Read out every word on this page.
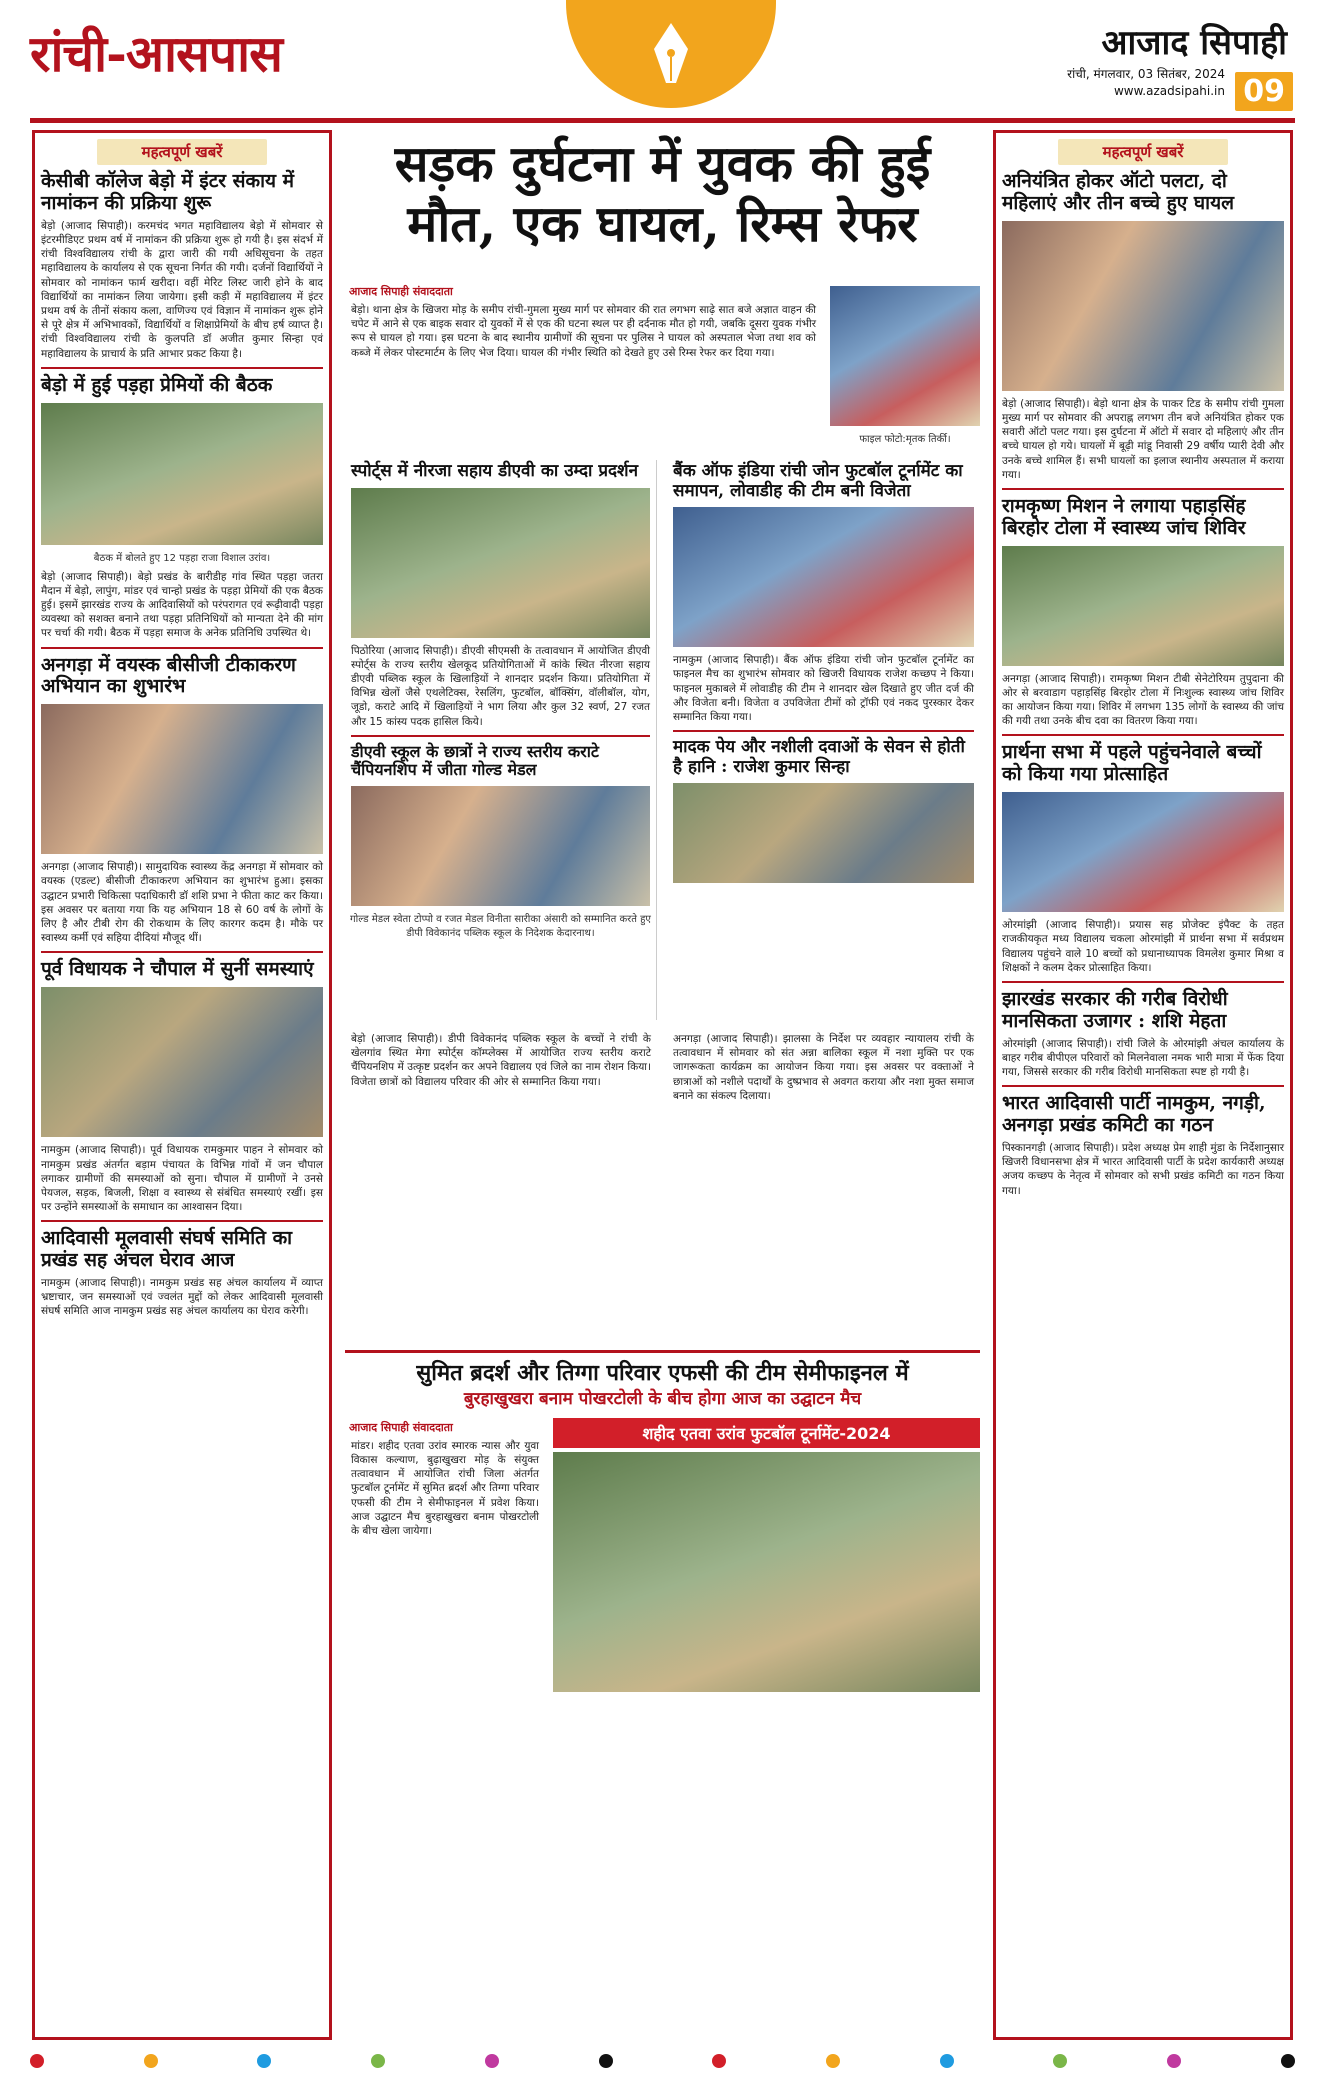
रांची-आसपास	आजाद सिपाही
रांची, मंगलवार, 03 सितंबर, 2024
www.azadsipahi.in 09
महत्वपूर्ण खबरें
केसीबी कॉलेज बेड़ो में इंटर संकाय में नामांकन की प्रक्रिया शुरू
बेड़ो (आजाद सिपाही)। करमचंद भगत महाविद्यालय बेड़ो में सोमवार से इंटरमीडिएट प्रथम वर्ष में नामांकन की प्रक्रिया शुरू हो गयी है। इस संदर्भ में रांची विश्वविद्यालय रांची के द्वारा जारी की गयी अधिसूचना के तहत महाविद्यालय के कार्यालय से एक सूचना निर्गत की गयी। दर्जनों विद्यार्थियों ने सोमवार को नामांकन फार्म खरीदा। वहीं मेरिट लिस्ट जारी होने के बाद विद्यार्थियों का नामांकन लिया जायेगा। इसी कड़ी में महाविद्यालय में इंटर प्रथम वर्ष के तीनों संकाय कला, वाणिज्य एवं विज्ञान में नामांकन शुरू होने से पूरे क्षेत्र में अभिभावकों, विद्यार्थियों व शिक्षाप्रेमियों के बीच हर्ष व्याप्त है। रांची विश्वविद्यालय रांची के कुलपति डॉ अजीत कुमार सिन्हा एवं महाविद्यालय के प्राचार्य के प्रति आभार प्रकट किया है।
बेड़ो में हुई पड़हा प्रेमियों की बैठक
बैठक में बोलते हुए 12 पड़हा राजा विशाल उरांव।
बेड़ो (आजाद सिपाही)। बेड़ो प्रखंड के बारीडीह गांव स्थित पड़हा जतरा मैदान में बेड़ो, लापुंग, मांडर एवं चान्हो प्रखंड के पड़हा प्रेमियों की एक बैठक हुई। इसमें झारखंड राज्य के आदिवासियों को परंपरागत एवं रूढ़ीवादी पड़हा व्यवस्था को सशक्त बनाने तथा पड़हा प्रतिनिधियों को मान्यता देने की मांग पर चर्चा की गयी। बैठक में पड़हा समाज के अनेक प्रतिनिधि उपस्थित थे।
अनगड़ा में वयस्क बीसीजी टीकाकरण अभियान का शुभारंभ
अनगड़ा (आजाद सिपाही)। सामुदायिक स्वास्थ्य केंद्र अनगड़ा में सोमवार को वयस्क (एडल्ट) बीसीजी टीकाकरण अभियान का शुभारंभ हुआ। इसका उद्घाटन प्रभारी चिकित्सा पदाधिकारी डॉ शशि प्रभा ने फीता काट कर किया। इस अवसर पर बताया गया कि यह अभियान 18 से 60 वर्ष के लोगों के लिए है और टीबी रोग की रोकथाम के लिए कारगर कदम है। मौके पर स्वास्थ्य कर्मी एवं सहिया दीदियां मौजूद थीं।
पूर्व विधायक ने चौपाल में सुनीं समस्याएं
नामकुम (आजाद सिपाही)। पूर्व विधायक रामकुमार पाहन ने सोमवार को नामकुम प्रखंड अंतर्गत बड़ाम पंचायत के विभिन्न गांवों में जन चौपाल लगाकर ग्रामीणों की समस्याओं को सुना। चौपाल में ग्रामीणों ने उनसे पेयजल, सड़क, बिजली, शिक्षा व स्वास्थ्य से संबंधित समस्याएं रखीं। इस पर उन्होंने समस्याओं के समाधान का आश्वासन दिया।
आदिवासी मूलवासी संघर्ष समिति का प्रखंड सह अंचल घेराव आज
नामकुम (आजाद सिपाही)। नामकुम प्रखंड सह अंचल कार्यालय में व्याप्त भ्रष्टाचार, जन समस्याओं एवं ज्वलंत मुद्दों को लेकर आदिवासी मूलवासी संघर्ष समिति आज नामकुम प्रखंड सह अंचल कार्यालय का घेराव करेगी।
सड़क दुर्घटना में युवक की हुई मौत, एक घायल, रिम्स रेफर
आजाद सिपाही संवाददाता
बेड़ो। थाना क्षेत्र के खिजरा मोड़ के समीप रांची-गुमला मुख्य मार्ग पर सोमवार की रात लगभग साढ़े सात बजे अज्ञात वाहन की चपेट में आने से एक बाइक सवार दो युवकों में से एक की घटना स्थल पर ही दर्दनाक मौत हो गयी, जबकि दूसरा युवक गंभीर रूप से घायल हो गया। इस घटना के बाद स्थानीय ग्रामीणों की सूचना पर पुलिस ने घायल को अस्पताल भेजा तथा शव को कब्जे में लेकर पोस्टमार्टम के लिए भेज दिया। घायल की गंभीर स्थिति को देखते हुए उसे रिम्स रेफर कर दिया गया।
फाइल फोटो:मृतक तिर्की।
स्पोर्ट्स में नीरजा सहाय डीएवी का उम्दा प्रदर्शन
पिठोरिया (आजाद सिपाही)। डीएवी सीएमसी के तत्वावधान में आयोजित डीएवी स्पोर्ट्स के राज्य स्तरीय खेलकूद प्रतियोगिताओं में कांके स्थित नीरजा सहाय डीएवी पब्लिक स्कूल के खिलाड़ियों ने शानदार प्रदर्शन किया। प्रतियोगिता में विभिन्न खेलों जैसे एथलेटिक्स, रेसलिंग, फुटबॉल, बॉक्सिंग, वॉलीबॉल, योग, जूडो, कराटे आदि में खिलाड़ियों ने भाग लिया और कुल 32 स्वर्ण, 27 रजत और 15 कांस्य पदक हासिल किये।
डीएवी स्कूल के छात्रों ने राज्य स्तरीय कराटे चैंपियनशिप में जीता गोल्ड मेडल
गोल्ड मेडल स्वेता टोप्पो व रजत मेडल विनीता सारीका अंसारी को सम्मानित करते हुए डीपी विवेकानंद पब्लिक स्कूल के निदेशक केदारनाथ।
बैंक ऑफ इंडिया रांची जोन फुटबॉल टूर्नामेंट का समापन, लोवाडीह की टीम बनी विजेता
नामकुम (आजाद सिपाही)। बैंक ऑफ इंडिया रांची जोन फुटबॉल टूर्नामेंट का फाइनल मैच का शुभारंभ सोमवार को खिजरी विधायक राजेश कच्छप ने किया। फाइनल मुकाबले में लोवाडीह की टीम ने शानदार खेल दिखाते हुए जीत दर्ज की और विजेता बनी। विजेता व उपविजेता टीमों को ट्रॉफी एवं नकद पुरस्कार देकर सम्मानित किया गया।
मादक पेय और नशीली दवाओं के सेवन से होती है हानि : राजेश कुमार सिन्हा
बेड़ो (आजाद सिपाही)। डीपी विवेकानंद पब्लिक स्कूल के बच्चों ने रांची के खेलगांव स्थित मेगा स्पोर्ट्स कॉम्प्लेक्स में आयोजित राज्य स्तरीय कराटे चैंपियनशिप में उत्कृष्ट प्रदर्शन कर अपने विद्यालय एवं जिले का नाम रोशन किया। विजेता छात्रों को विद्यालय परिवार की ओर से सम्मानित किया गया।
अनगड़ा (आजाद सिपाही)। झालसा के निर्देश पर व्यवहार न्यायालय रांची के तत्वावधान में सोमवार को संत अन्ना बालिका स्कूल में नशा मुक्ति पर एक जागरूकता कार्यक्रम का आयोजन किया गया। इस अवसर पर वक्ताओं ने छात्राओं को नशीले पदार्थों के दुष्प्रभाव से अवगत कराया और नशा मुक्त समाज बनाने का संकल्प दिलाया।
सुमित ब्रदर्श और तिग्गा परिवार एफसी की टीम सेमीफाइनल में
बुरहाखुखरा बनाम पोखरटोली के बीच होगा आज का उद्घाटन मैच
आजाद सिपाही संवाददाता
मांडर। शहीद एतवा उरांव स्मारक न्यास और युवा विकास कल्याण, बुढ़ाखुखरा मोड़ के संयुक्त तत्वावधान में आयोजित रांची जिला अंतर्गत फुटबॉल टूर्नामेंट में सुमित ब्रदर्श और तिग्गा परिवार एफसी की टीम ने सेमीफाइनल में प्रवेश किया। आज उद्घाटन मैच बुरहाखुखरा बनाम पोखरटोली के बीच खेला जायेगा।
शहीद एतवा उरांव फुटबॉल टूर्नामेंट-2024
महत्वपूर्ण खबरें
अनियंत्रित होकर ऑटो पलटा, दो महिलाएं और तीन बच्चे हुए घायल
बेड़ो (आजाद सिपाही)। बेड़ो थाना क्षेत्र के पाकर टिड के समीप रांची गुमला मुख्य मार्ग पर सोमवार की अपराह्न लगभग तीन बजे अनियंत्रित होकर एक सवारी ऑटो पलट गया। इस दुर्घटना में ऑटो में सवार दो महिलाएं और तीन बच्चे घायल हो गये। घायलों में बूढ़ी मांडू निवासी 29 वर्षीय प्यारी देवी और उनके बच्चे शामिल हैं। सभी घायलों का इलाज स्थानीय अस्पताल में कराया गया।
रामकृष्ण मिशन ने लगाया पहाड़सिंह बिरहोर टोला में स्वास्थ्य जांच शिविर
अनगड़ा (आजाद सिपाही)। रामकृष्ण मिशन टीबी सेनेटोरियम तुपुदाना की ओर से बरवाडाग पहाड़सिंह बिरहोर टोला में निःशुल्क स्वास्थ्य जांच शिविर का आयोजन किया गया। शिविर में लगभग 135 लोगों के स्वास्थ्य की जांच की गयी तथा उनके बीच दवा का वितरण किया गया।
प्रार्थना सभा में पहले पहुंचनेवाले बच्चों को किया गया प्रोत्साहित
ओरमांझी (आजाद सिपाही)। प्रयास सह प्रोजेक्ट इंपैक्ट के तहत राजकीयकृत मध्य विद्यालय चकला ओरमांझी में प्रार्थना सभा में सर्वप्रथम विद्यालय पहुंचने वाले 10 बच्चों को प्रधानाध्यापक विमलेश कुमार मिश्रा व शिक्षकों ने कलम देकर प्रोत्साहित किया।
झारखंड सरकार की गरीब विरोधी मानसिकता उजागर : शशि मेहता
ओरमांझी (आजाद सिपाही)। रांची जिले के ओरमांझी अंचल कार्यालय के बाहर गरीब बीपीएल परिवारों को मिलनेवाला नमक भारी मात्रा में फेंक दिया गया, जिससे सरकार की गरीब विरोधी मानसिकता स्पष्ट हो गयी है।
भारत आदिवासी पार्टी नामकुम, नगड़ी, अनगड़ा प्रखंड कमिटी का गठन
पिस्कानगड़ी (आजाद सिपाही)। प्रदेश अध्यक्ष प्रेम शाही मुंडा के निर्देशानुसार खिजरी विधानसभा क्षेत्र में भारत आदिवासी पार्टी के प्रदेश कार्यकारी अध्यक्ष अजय कच्छप के नेतृत्व में सोमवार को सभी प्रखंड कमिटी का गठन किया गया।
